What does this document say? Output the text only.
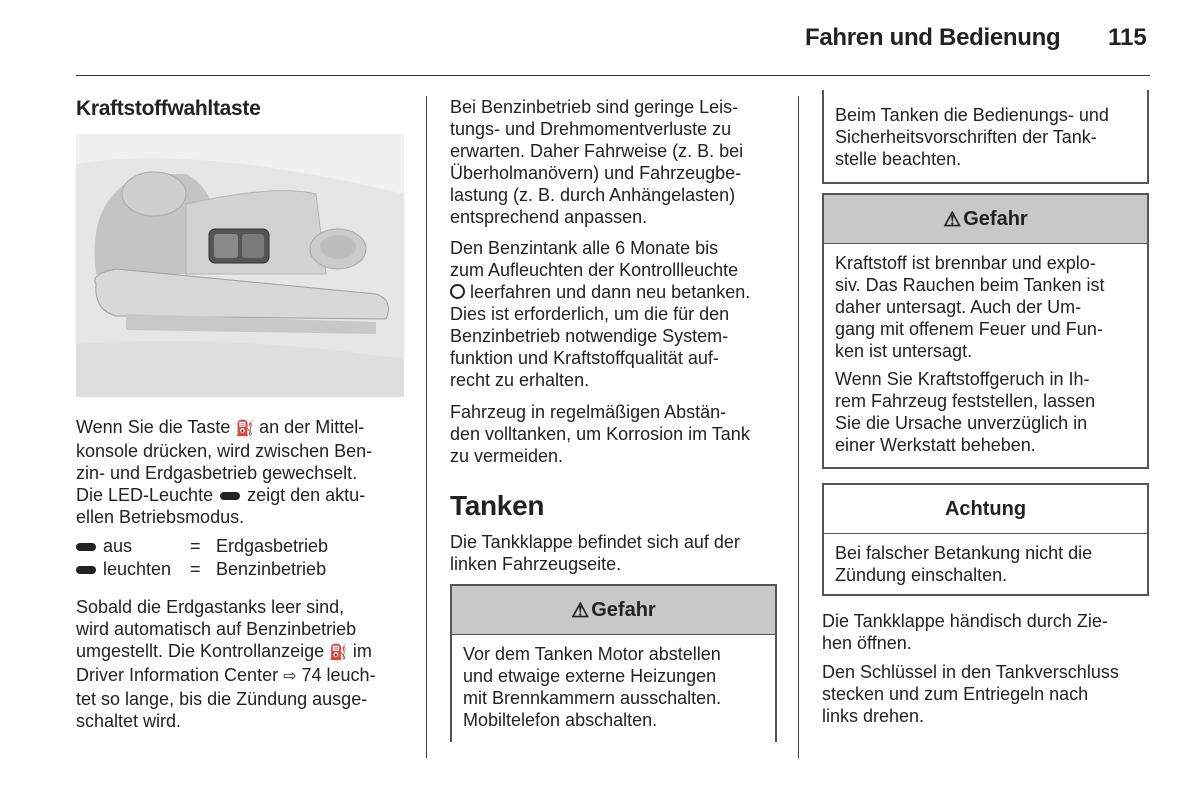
Fahren und Bedienung 115
Kraftstoffwahltaste
Wenn Sie die Taste ⛽ an der Mittel-
konsole drücken, wird zwischen Ben-
zin- und Erdgasbetrieb gewechselt.
Die LED-Leuchte zeigt den aktu-
ellen Betriebsmodus.
aus	= Erdgasbetrieb
leuchten	= Benzinbetrieb
Sobald die Erdgastanks leer sind,
wird automatisch auf Benzinbetrieb
umgestellt. Die Kontrollanzeige ⛽ im
Driver Information Center ⇨ 74 leuch-
tet so lange, bis die Zündung ausge-
schaltet wird.
Bei Benzinbetrieb sind geringe Leis-
tungs- und Drehmomentverluste zu
erwarten. Daher Fahrweise (z. B. bei
Überholmanövern) und Fahrzeugbe-
lastung (z. B. durch Anhängelasten)
entsprechend anpassen.
Den Benzintank alle 6 Monate bis
zum Aufleuchten der Kontrollleuchte
leerfahren und dann neu betanken.
Dies ist erforderlich, um die für den
Benzinbetrieb notwendige System-
funktion und Kraftstoffqualität auf-
recht zu erhalten.
Fahrzeug in regelmäßigen Abstän-
den volltanken, um Korrosion im Tank
zu vermeiden.
Tanken
Die Tankklappe befindet sich auf der
linken Fahrzeugseite.
⚠ Gefahr
Vor dem Tanken Motor abstellen
und etwaige externe Heizungen
mit Brennkammern ausschalten.
Mobiltelefon abschalten.
Beim Tanken die Bedienungs- und
Sicherheitsvorschriften der Tank-
stelle beachten.
⚠ Gefahr
Kraftstoff ist brennbar und explo-
siv. Das Rauchen beim Tanken ist
daher untersagt. Auch der Um-
gang mit offenem Feuer und Fun-
ken ist untersagt.
Wenn Sie Kraftstoffgeruch in Ih-
rem Fahrzeug feststellen, lassen
Sie die Ursache unverzüglich in
einer Werkstatt beheben.
Achtung
Bei falscher Betankung nicht die
Zündung einschalten.
Die Tankklappe händisch durch Zie-
hen öffnen.
Den Schlüssel in den Tankverschluss
stecken und zum Entriegeln nach
links drehen.
